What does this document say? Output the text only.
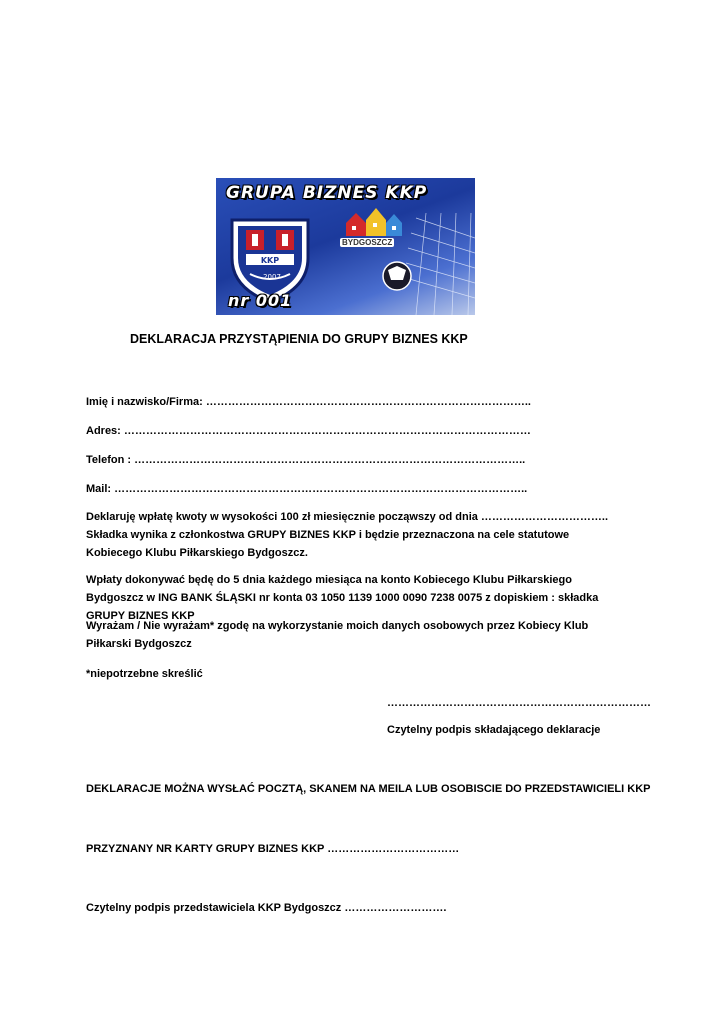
GRUPA BIZNES KKP
KKP
2007
BYDGOSZCZ
nr 001
DEKLARACJA PRZYSTĄPIENIA DO GRUPY BIZNES KKP
Imię i nazwisko/Firma: ……………………………………………………………………………..
Adres: …………………………………………………………………………………………………
Telefon : ……………………………………………………………………………………………..
Mail: …………………………………………………………………………………………………..
Deklaruję wpłatę kwoty w wysokości 100 zł miesięcznie począwszy od dnia …………………………….. Składka wynika z członkostwa GRUPY BIZNES KKP i będzie przeznaczona na cele statutowe Kobiecego Klubu Piłkarskiego Bydgoszcz.
Wpłaty dokonywać będę do 5 dnia każdego miesiąca na konto Kobiecego Klubu Piłkarskiego Bydgoszcz w ING BANK ŚLĄSKI nr konta 03 1050 1139 1000 0090 7238 0075 z dopiskiem : składka GRUPY BIZNES KKP
Wyrażam / Nie wyrażam* zgodę na wykorzystanie moich danych osobowych przez Kobiecy Klub Piłkarski Bydgoszcz
*niepotrzebne skreślić
………………………………………………………………
Czytelny podpis składającego deklaracje
DEKLARACJE MOŻNA WYSŁAĆ POCZTĄ, SKANEM NA MEILA LUB OSOBISCIE DO PRZEDSTAWICIELI KKP
PRZYZNANY NR KARTY GRUPY BIZNES KKP ………………………………
Czytelny podpis przedstawiciela KKP Bydgoszcz ……………………….
